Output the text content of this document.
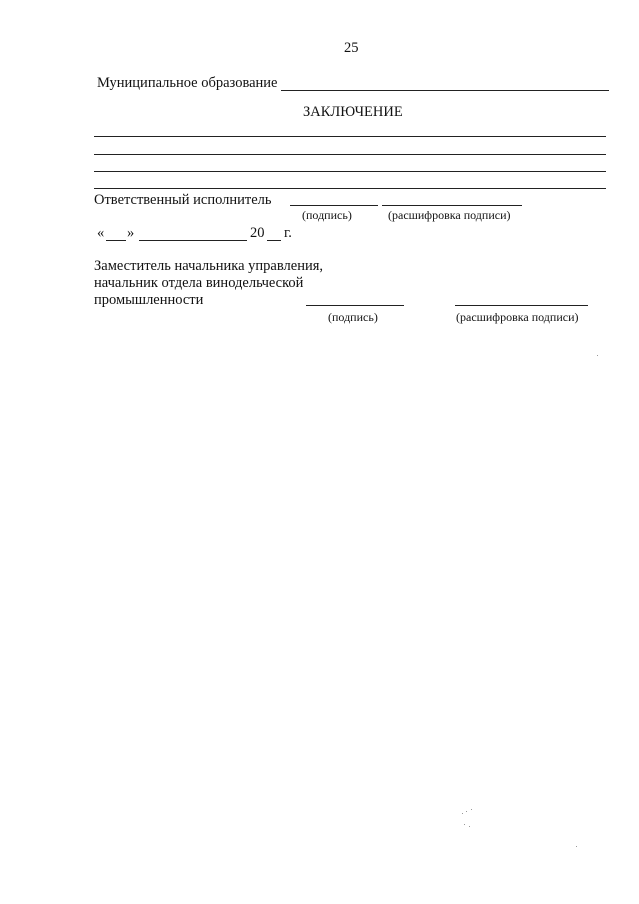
25
Муниципальное образование
ЗАКЛЮЧЕНИЕ
Ответственный исполнитель
(подпись)	(расшифровка подписи)
« »	20 г.
Заместитель начальника управления,
начальник отдела винодельческой
промышленности
(подпись)	(расшифровка подписи)
